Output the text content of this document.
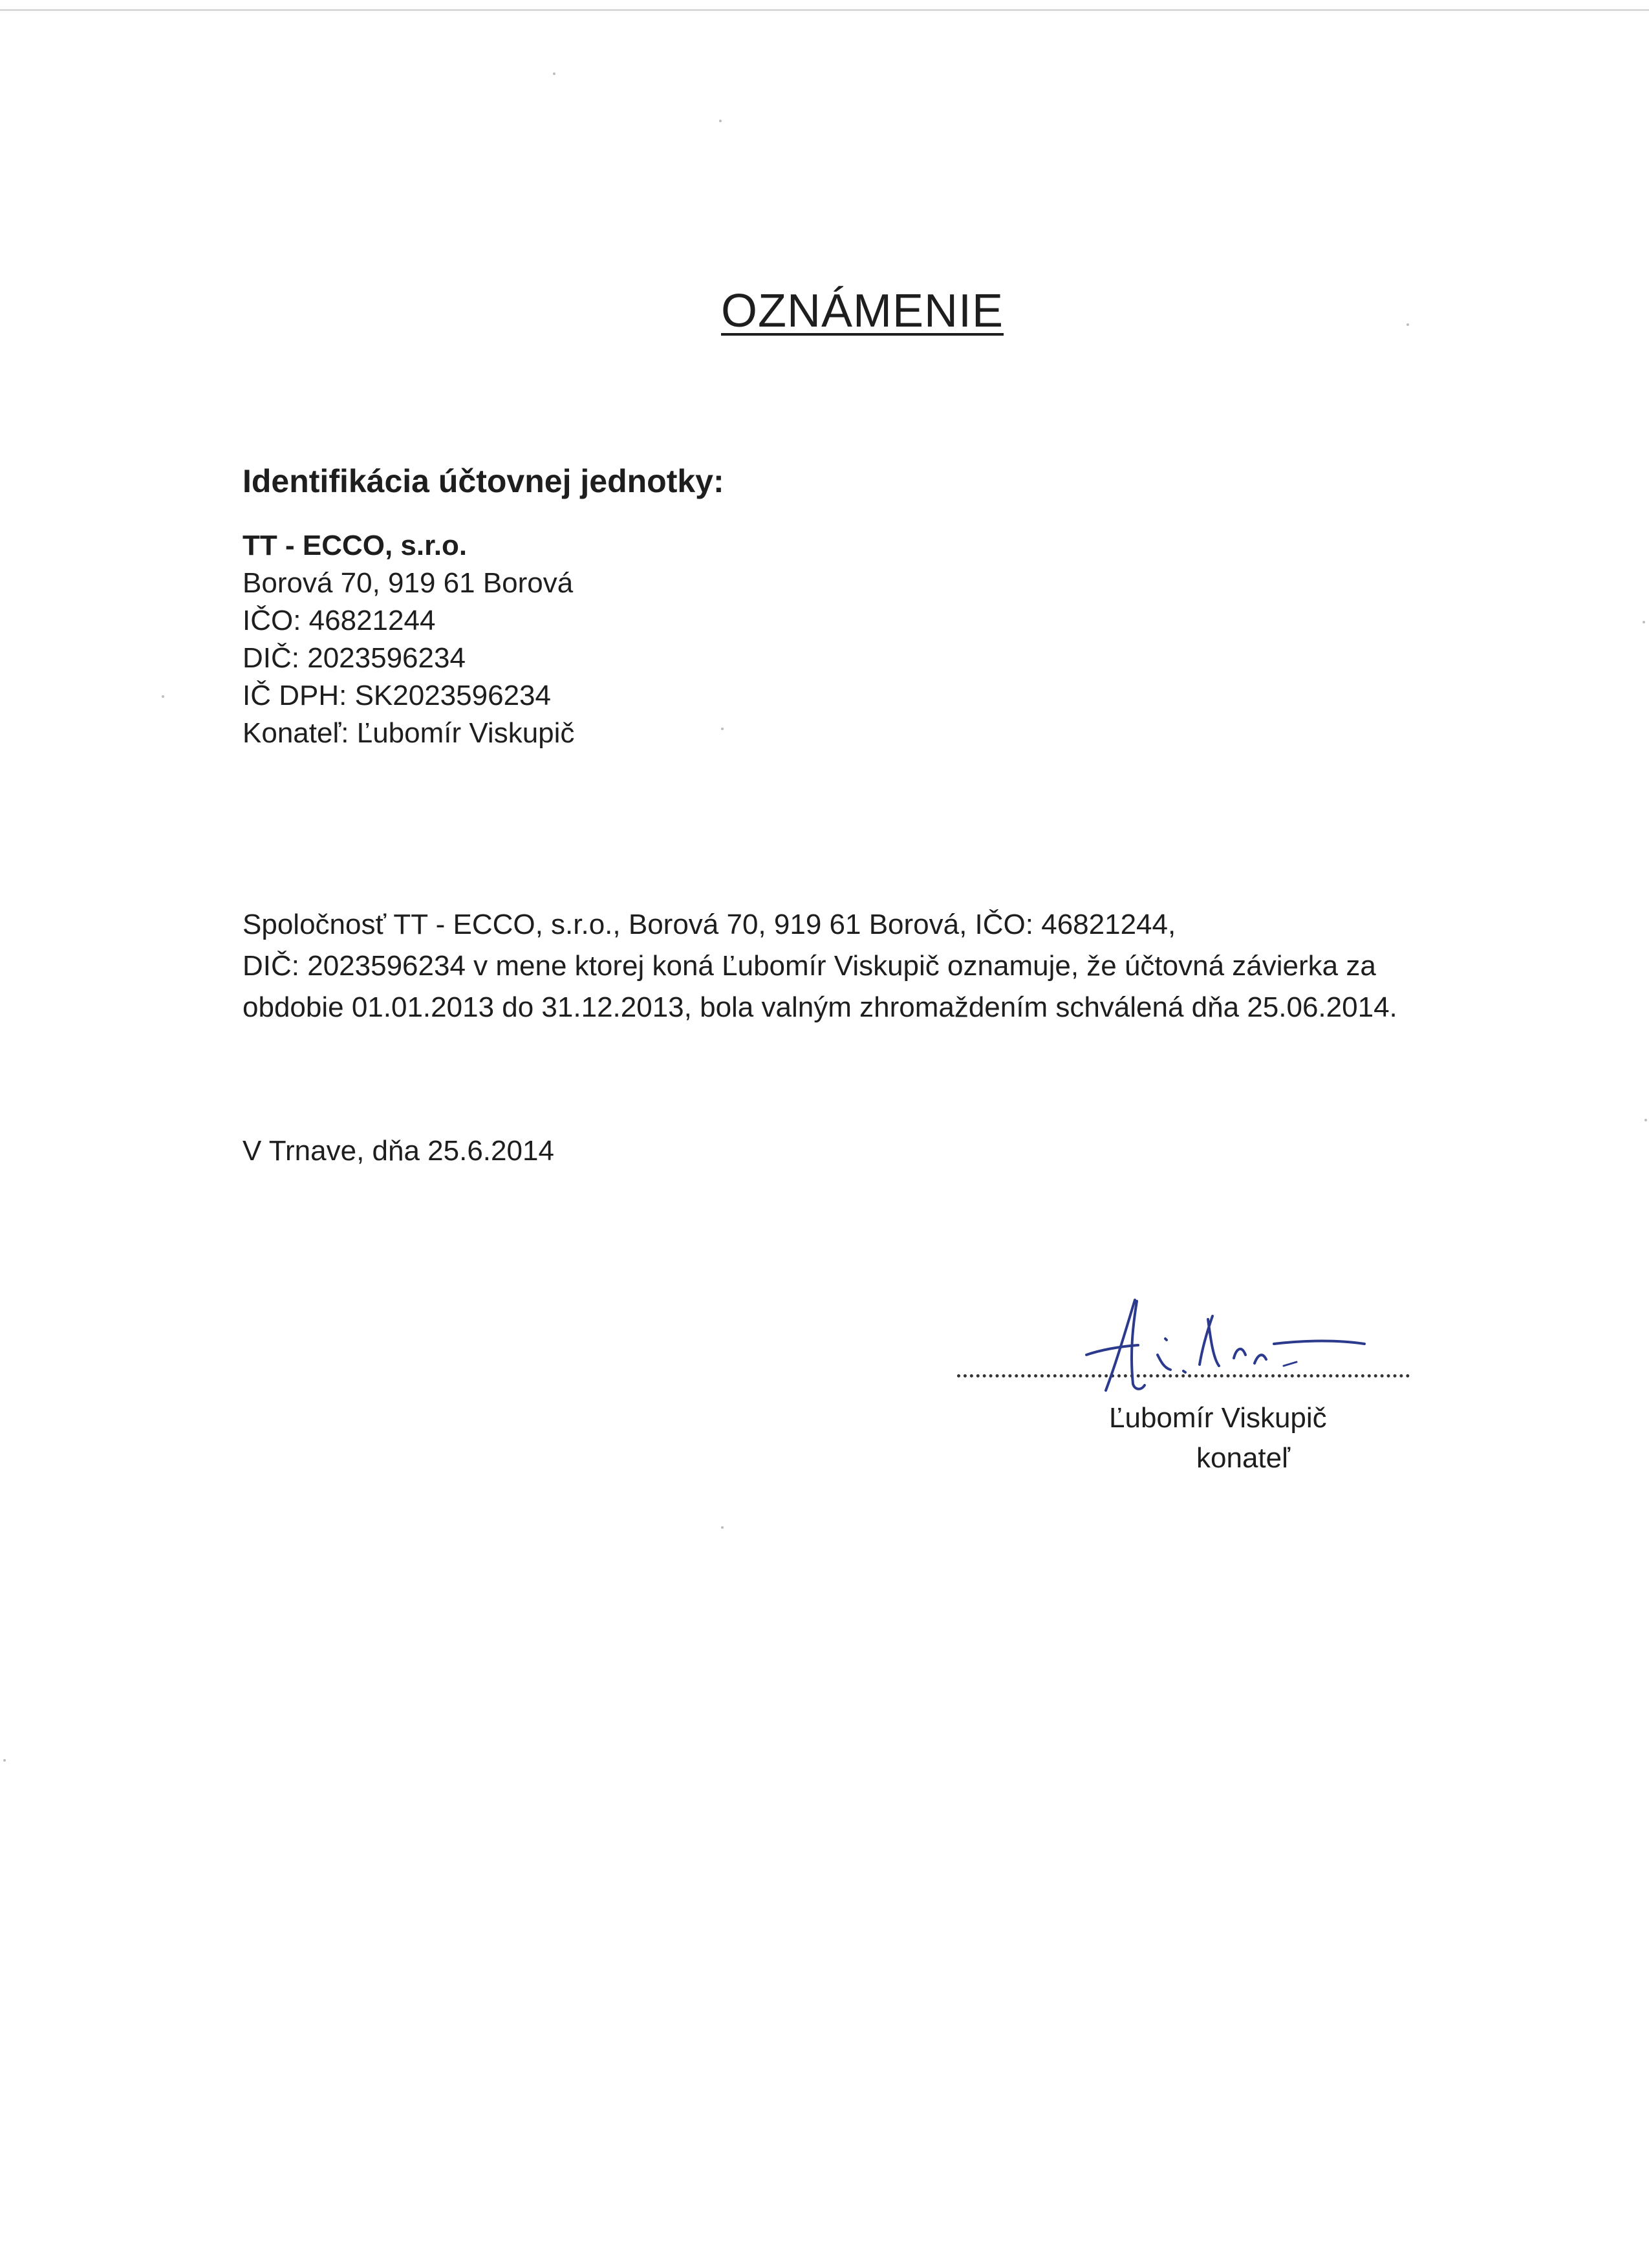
OZNÁMENIE
Identifikácia účtovnej jednotky:
TT - ECCO, s.r.o.
Borová 70, 919 61 Borová
IČO: 46821244
DIČ: 2023596234
IČ DPH: SK2023596234
Konateľ: Ľubomír Viskupič
Spoločnosť TT - ECCO, s.r.o., Borová 70, 919 61 Borová, IČO: 46821244,
DIČ: 2023596234 v mene ktorej koná Ľubomír Viskupič oznamuje, že účtovná závierka za
obdobie 01.01.2013 do 31.12.2013, bola valným zhromaždením schválená dňa 25.06.2014.
V Trnave, dňa 25.6.2014
Ľubomír Viskupič
konateľ
